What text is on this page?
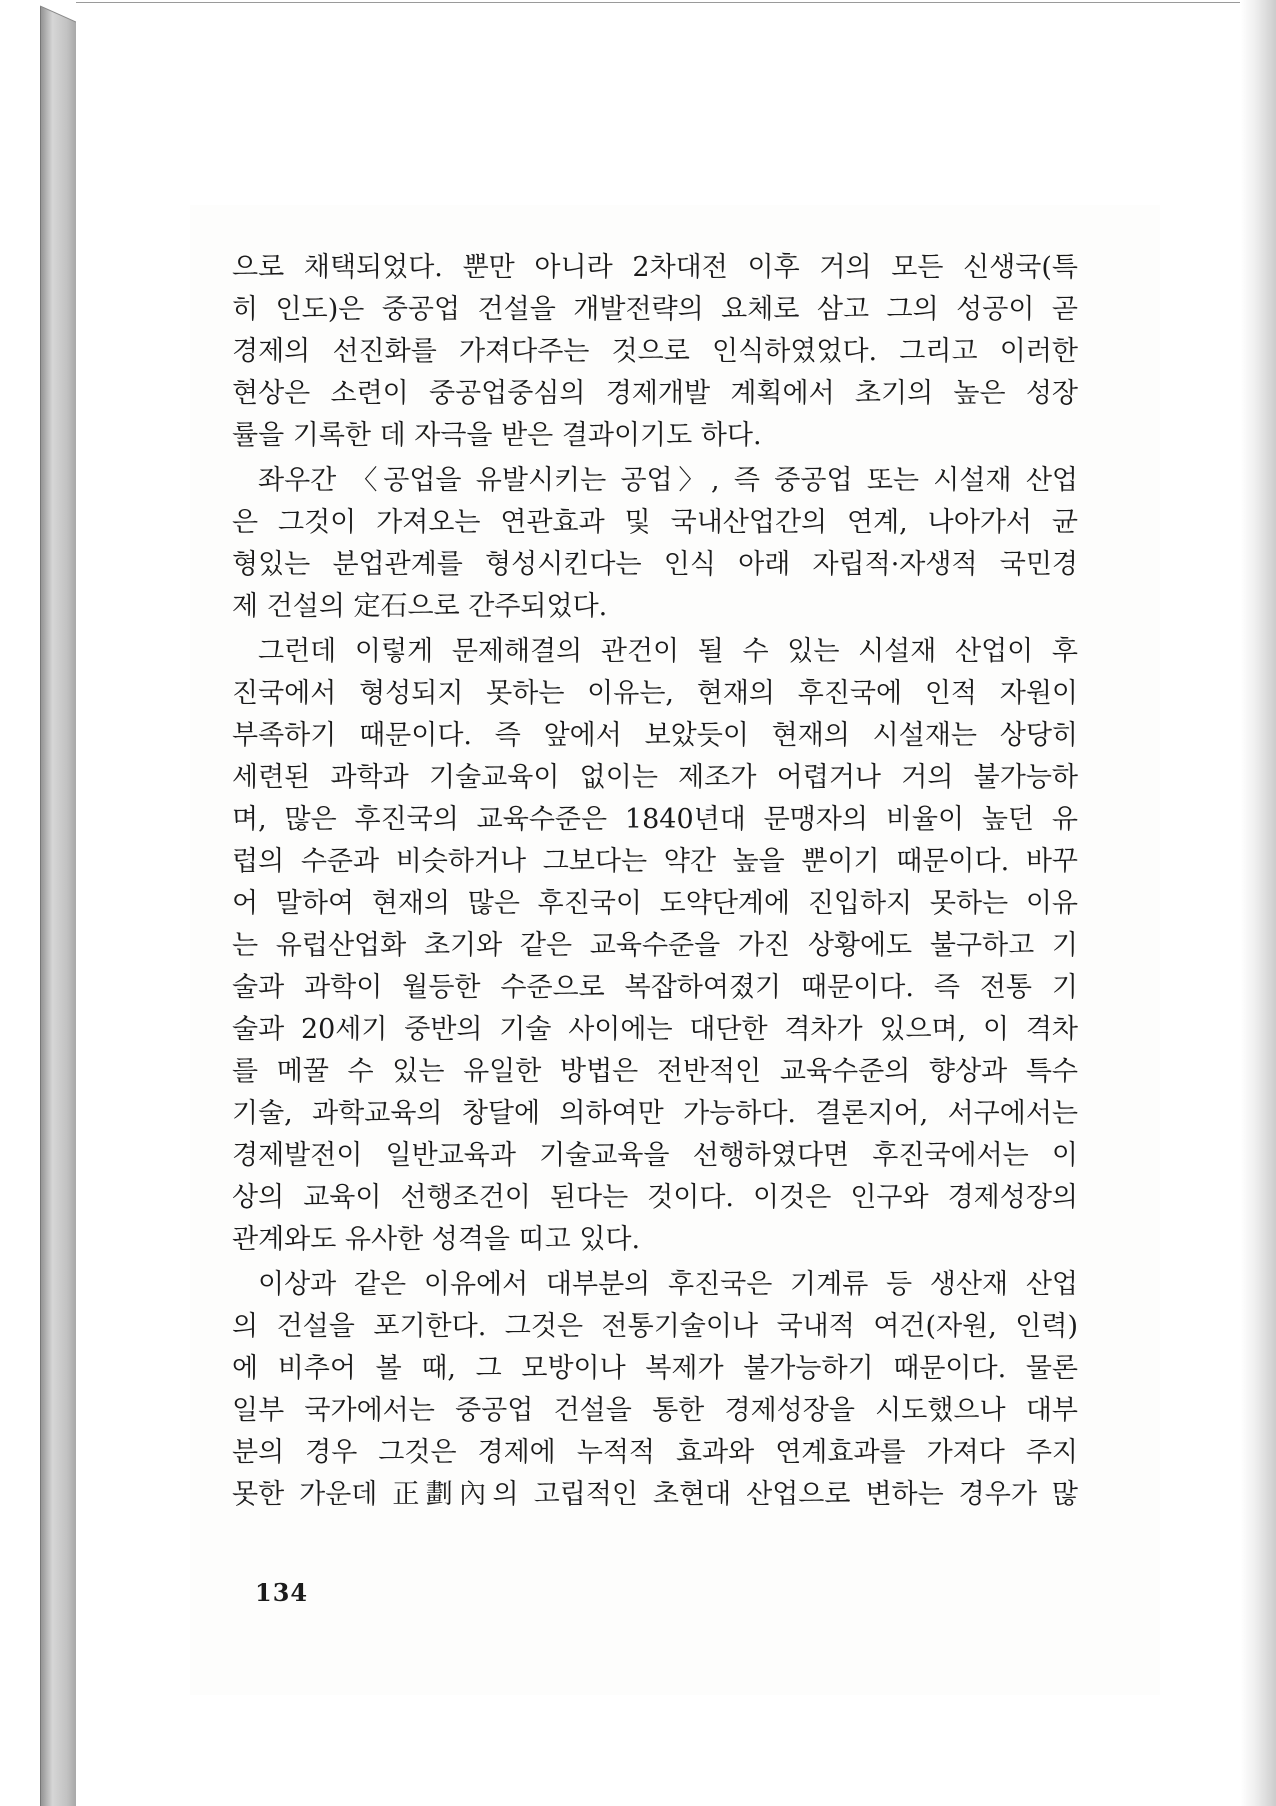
으로 채택되었다. 뿐만 아니라 2차대전 이후 거의 모든 신생국(특
히 인도)은 중공업 건설을 개발전략의 요체로 삼고 그의 성공이 곧
경제의 선진화를 가져다주는 것으로 인식하였었다. 그리고 이러한
현상은 소련이 중공업중심의 경제개발 계획에서 초기의 높은 성장
률을 기록한 데 자극을 받은 결과이기도 하다.
좌우간 〈공업을 유발시키는 공업〉, 즉 중공업 또는 시설재 산업
은 그것이 가져오는 연관효과 및 국내산업간의 연계, 나아가서 균
형있는 분업관계를 형성시킨다는 인식 아래 자립적·자생적 국민경
제 건설의 定石으로 간주되었다.
그런데 이렇게 문제해결의 관건이 될 수 있는 시설재 산업이 후
진국에서 형성되지 못하는 이유는, 현재의 후진국에 인적 자원이
부족하기 때문이다. 즉 앞에서 보았듯이 현재의 시설재는 상당히
세련된 과학과 기술교육이 없이는 제조가 어렵거나 거의 불가능하
며, 많은 후진국의 교육수준은 1840년대 문맹자의 비율이 높던 유
럽의 수준과 비슷하거나 그보다는 약간 높을 뿐이기 때문이다. 바꾸
어 말하여 현재의 많은 후진국이 도약단계에 진입하지 못하는 이유
는 유럽산업화 초기와 같은 교육수준을 가진 상황에도 불구하고 기
술과 과학이 월등한 수준으로 복잡하여졌기 때문이다. 즉 전통 기
술과 20세기 중반의 기술 사이에는 대단한 격차가 있으며, 이 격차
를 메꿀 수 있는 유일한 방법은 전반적인 교육수준의 향상과 특수
기술, 과학교육의 창달에 의하여만 가능하다. 결론지어, 서구에서는
경제발전이 일반교육과 기술교육을 선행하였다면 후진국에서는 이
상의 교육이 선행조건이 된다는 것이다. 이것은 인구와 경제성장의
관계와도 유사한 성격을 띠고 있다.
이상과 같은 이유에서 대부분의 후진국은 기계류 등 생산재 산업
의 건설을 포기한다. 그것은 전통기술이나 국내적 여건(자원, 인력)
에 비추어 볼 때, 그 모방이나 복제가 불가능하기 때문이다. 물론
일부 국가에서는 중공업 건설을 통한 경제성장을 시도했으나 대부
분의 경우 그것은 경제에 누적적 효과와 연계효과를 가져다 주지
못한 가운데 正劃內의 고립적인 초현대 산업으로 변하는 경우가 많
134
